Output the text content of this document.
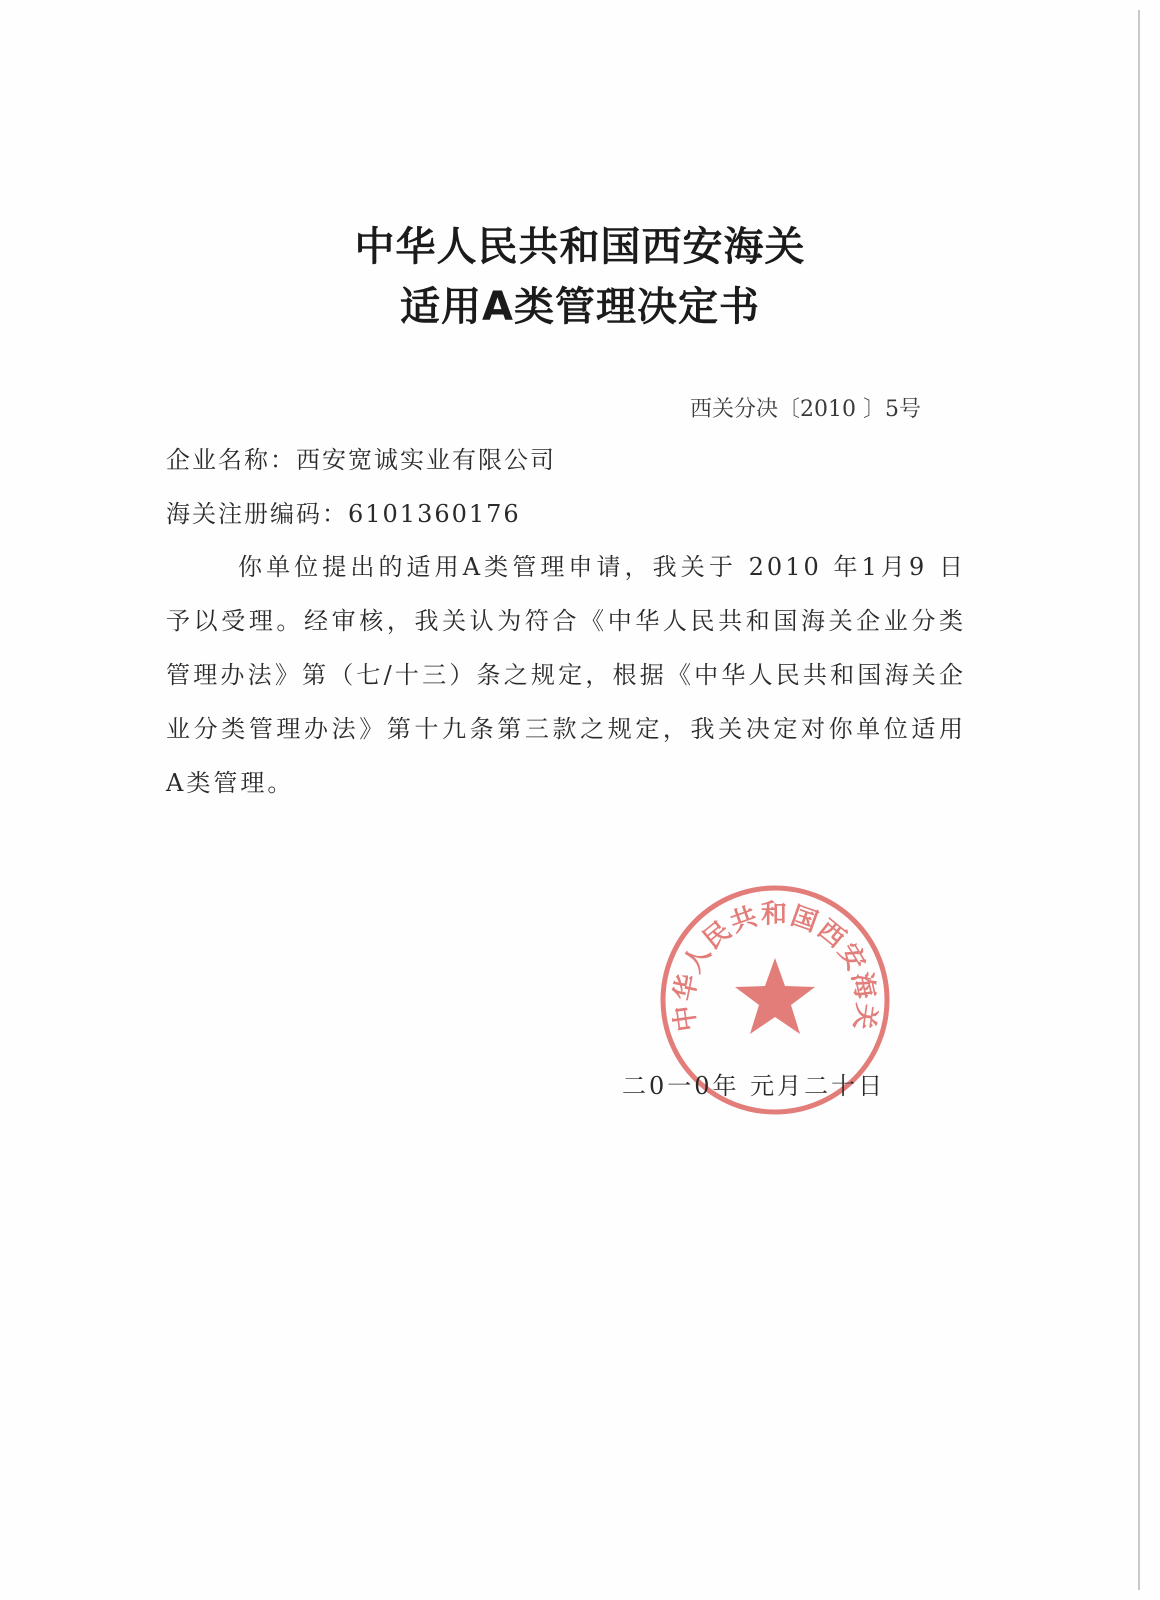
中华人民共和国西安海关
适用A类管理决定书
西关分决〔2010 〕5号
企业名称：西安宽诚实业有限公司
海关注册编码：6101360176
你单位提出的适用A类管理申请，我关于 2010 年1月9 日予以受理。经审核，我关认为符合《中华人民共和国海关企业分类管理办法》第（七/十三）条之规定，根据《中华人民共和国海关企业分类管理办法》第十九条第三款之规定，我关决定对你单位适用A类管理。
中华人民共和国西安海关
二0一0年 元月二十日
